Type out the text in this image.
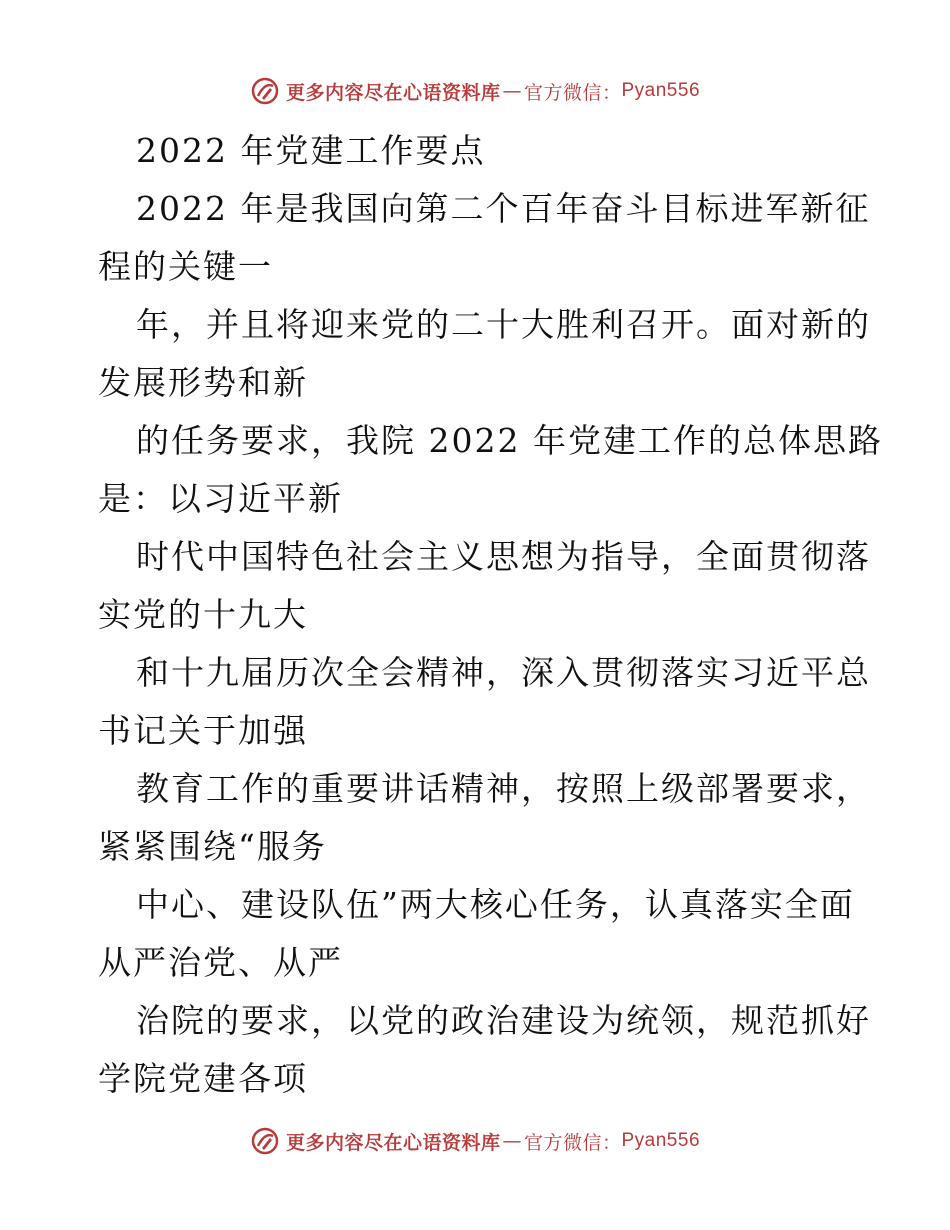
更多内容尽在心语资料库 — 官方微信： Pyan556
2022 年党建工作要点
2022 年是我国向第二个百年奋斗目标进军新征
程的关键一
年，并且将迎来党的二十大胜利召开。面对新的
发展形势和新
的任务要求，我院 2022 年党建工作的总体思路
是：以习近平新
时代中国特色社会主义思想为指导，全面贯彻落
实党的十九大
和十九届历次全会精神，深入贯彻落实习近平总
书记关于加强
教育工作的重要讲话精神，按照上级部署要求，
紧紧围绕“服务
中心、建设队伍”两大核心任务，认真落实全面
从严治党、从严
治院的要求，以党的政治建设为统领，规范抓好
学院党建各项
更多内容尽在心语资料库 — 官方微信： Pyan556
